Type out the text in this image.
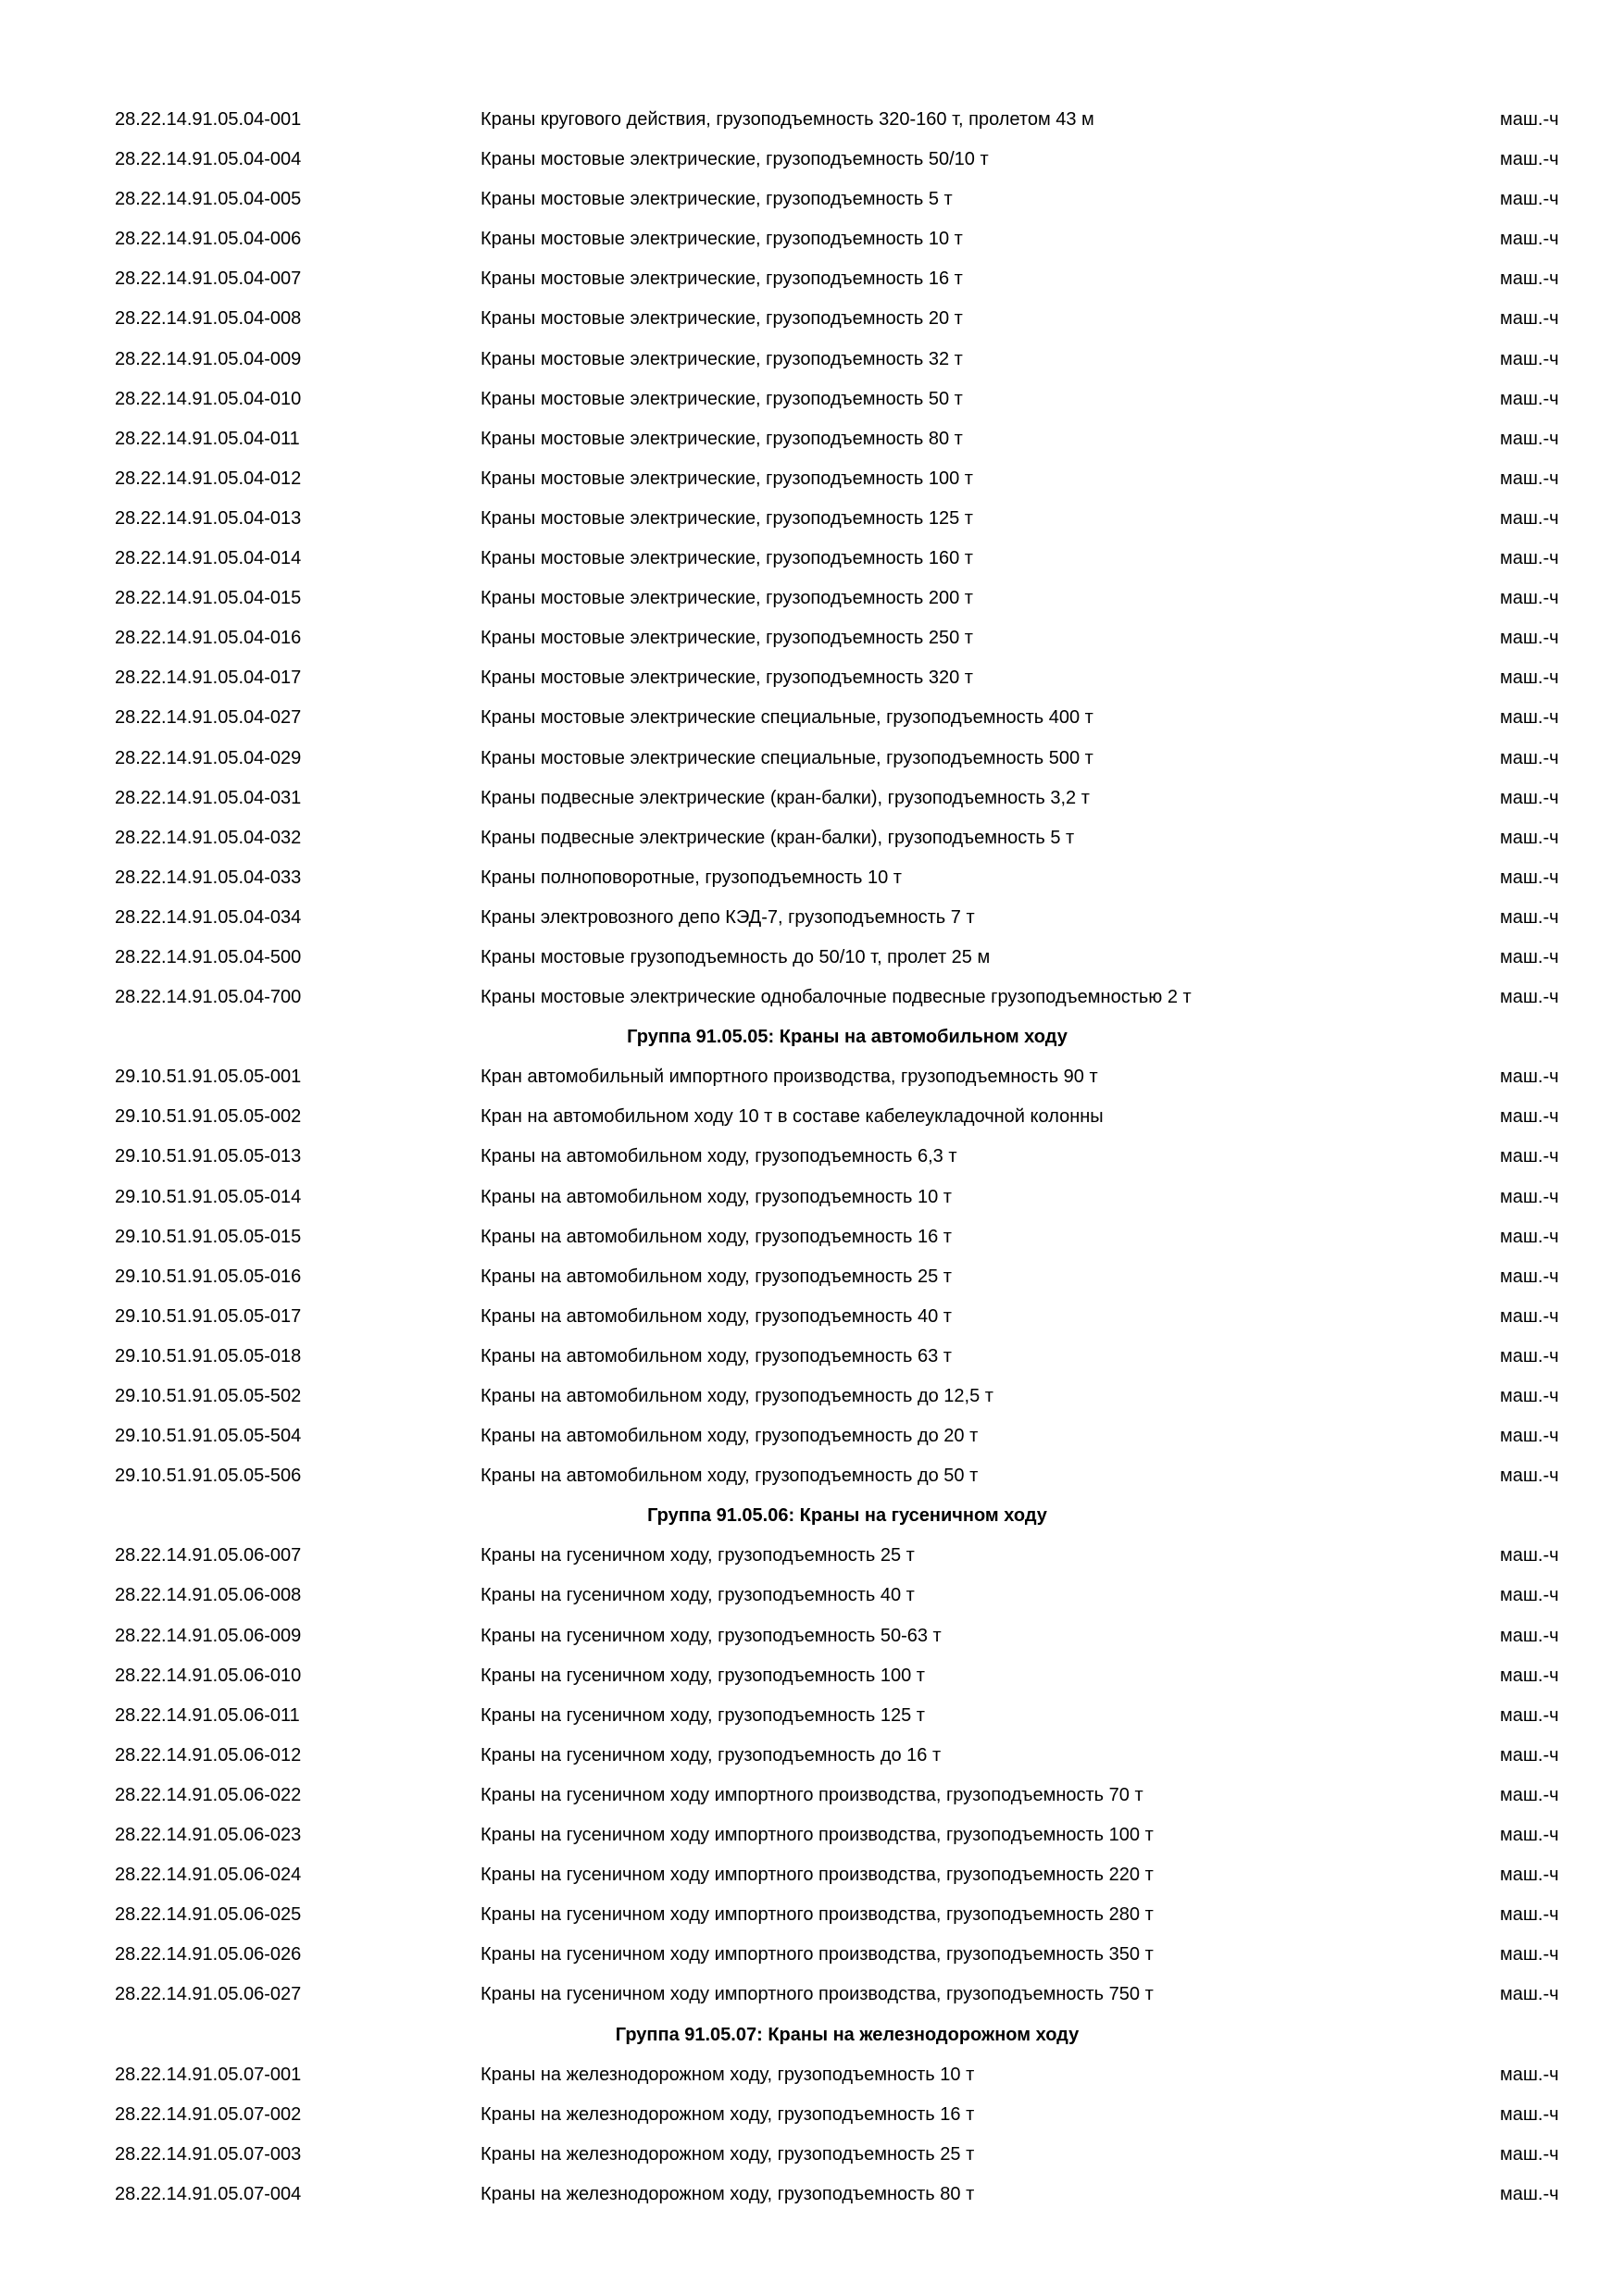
28.22.14.91.05.04-001	Краны кругового действия, грузоподъемность 320-160 т, пролетом 43 м	маш.-ч
28.22.14.91.05.04-004	Краны мостовые электрические, грузоподъемность 50/10 т	маш.-ч
28.22.14.91.05.04-005	Краны мостовые электрические, грузоподъемность 5 т	маш.-ч
28.22.14.91.05.04-006	Краны мостовые электрические, грузоподъемность 10 т	маш.-ч
28.22.14.91.05.04-007	Краны мостовые электрические, грузоподъемность 16 т	маш.-ч
28.22.14.91.05.04-008	Краны мостовые электрические, грузоподъемность 20 т	маш.-ч
28.22.14.91.05.04-009	Краны мостовые электрические, грузоподъемность 32 т	маш.-ч
28.22.14.91.05.04-010	Краны мостовые электрические, грузоподъемность 50 т	маш.-ч
28.22.14.91.05.04-011	Краны мостовые электрические, грузоподъемность 80 т	маш.-ч
28.22.14.91.05.04-012	Краны мостовые электрические, грузоподъемность 100 т	маш.-ч
28.22.14.91.05.04-013	Краны мостовые электрические, грузоподъемность 125 т	маш.-ч
28.22.14.91.05.04-014	Краны мостовые электрические, грузоподъемность 160 т	маш.-ч
28.22.14.91.05.04-015	Краны мостовые электрические, грузоподъемность 200 т	маш.-ч
28.22.14.91.05.04-016	Краны мостовые электрические, грузоподъемность 250 т	маш.-ч
28.22.14.91.05.04-017	Краны мостовые электрические, грузоподъемность 320 т	маш.-ч
28.22.14.91.05.04-027	Краны мостовые электрические специальные, грузоподъемность 400 т	маш.-ч
28.22.14.91.05.04-029	Краны мостовые электрические специальные, грузоподъемность 500 т	маш.-ч
28.22.14.91.05.04-031	Краны подвесные электрические (кран-балки), грузоподъемность 3,2 т	маш.-ч
28.22.14.91.05.04-032	Краны подвесные электрические (кран-балки), грузоподъемность 5 т	маш.-ч
28.22.14.91.05.04-033	Краны полноповоротные, грузоподъемность 10 т	маш.-ч
28.22.14.91.05.04-034	Краны электровозного депо КЭД-7, грузоподъемность 7 т	маш.-ч
28.22.14.91.05.04-500	Краны мостовые грузоподъемность до 50/10 т, пролет 25 м	маш.-ч
28.22.14.91.05.04-700	Краны мостовые электрические однобалочные подвесные грузоподъемностью 2 т	маш.-ч
Группа 91.05.05: Краны на автомобильном ходу
29.10.51.91.05.05-001	Кран автомобильный импортного производства, грузоподъемность 90 т	маш.-ч
29.10.51.91.05.05-002	Кран на автомобильном ходу 10 т в составе кабелеукладочной колонны	маш.-ч
29.10.51.91.05.05-013	Краны на автомобильном ходу, грузоподъемность 6,3 т	маш.-ч
29.10.51.91.05.05-014	Краны на автомобильном ходу, грузоподъемность 10 т	маш.-ч
29.10.51.91.05.05-015	Краны на автомобильном ходу, грузоподъемность 16 т	маш.-ч
29.10.51.91.05.05-016	Краны на автомобильном ходу, грузоподъемность 25 т	маш.-ч
29.10.51.91.05.05-017	Краны на автомобильном ходу, грузоподъемность 40 т	маш.-ч
29.10.51.91.05.05-018	Краны на автомобильном ходу, грузоподъемность 63 т	маш.-ч
29.10.51.91.05.05-502	Краны на автомобильном ходу, грузоподъемность до 12,5 т	маш.-ч
29.10.51.91.05.05-504	Краны на автомобильном ходу, грузоподъемность до 20 т	маш.-ч
29.10.51.91.05.05-506	Краны на автомобильном ходу, грузоподъемность до 50 т	маш.-ч
Группа 91.05.06: Краны на гусеничном ходу
28.22.14.91.05.06-007	Краны на гусеничном ходу, грузоподъемность 25 т	маш.-ч
28.22.14.91.05.06-008	Краны на гусеничном ходу, грузоподъемность 40 т	маш.-ч
28.22.14.91.05.06-009	Краны на гусеничном ходу, грузоподъемность 50-63 т	маш.-ч
28.22.14.91.05.06-010	Краны на гусеничном ходу, грузоподъемность 100 т	маш.-ч
28.22.14.91.05.06-011	Краны на гусеничном ходу, грузоподъемность 125 т	маш.-ч
28.22.14.91.05.06-012	Краны на гусеничном ходу, грузоподъемность до 16 т	маш.-ч
28.22.14.91.05.06-022	Краны на гусеничном ходу импортного производства, грузоподъемность 70 т	маш.-ч
28.22.14.91.05.06-023	Краны на гусеничном ходу импортного производства, грузоподъемность 100 т	маш.-ч
28.22.14.91.05.06-024	Краны на гусеничном ходу импортного производства, грузоподъемность 220 т	маш.-ч
28.22.14.91.05.06-025	Краны на гусеничном ходу импортного производства, грузоподъемность 280 т	маш.-ч
28.22.14.91.05.06-026	Краны на гусеничном ходу импортного производства, грузоподъемность 350 т	маш.-ч
28.22.14.91.05.06-027	Краны на гусеничном ходу импортного производства, грузоподъемность 750 т	маш.-ч
Группа 91.05.07: Краны на железнодорожном ходу
28.22.14.91.05.07-001	Краны на железнодорожном ходу, грузоподъемность 10 т	маш.-ч
28.22.14.91.05.07-002	Краны на железнодорожном ходу, грузоподъемность 16 т	маш.-ч
28.22.14.91.05.07-003	Краны на железнодорожном ходу, грузоподъемность 25 т	маш.-ч
28.22.14.91.05.07-004	Краны на железнодорожном ходу, грузоподъемность 80 т	маш.-ч
